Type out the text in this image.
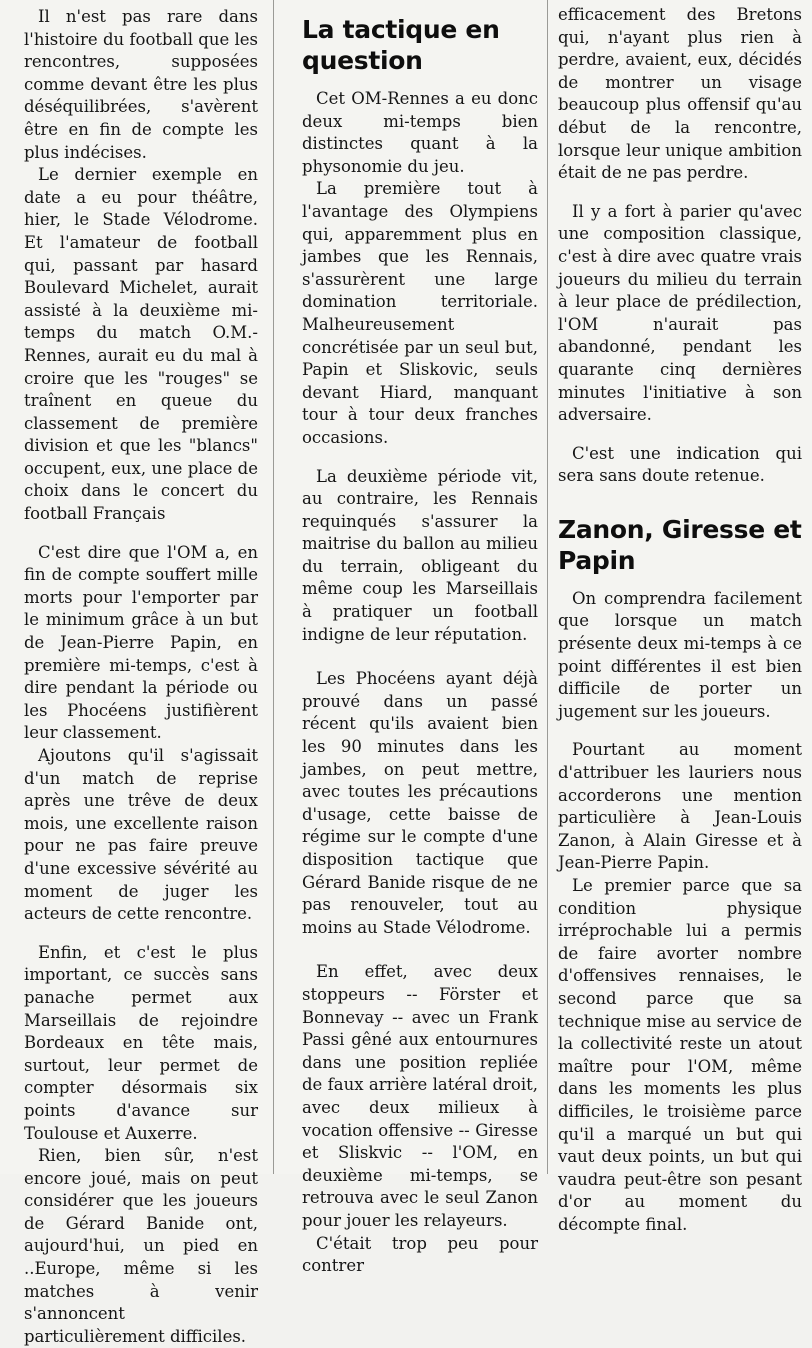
Il n'est pas rare dans l'histoire du football que les rencontres, supposées comme devant être les plus déséquilibrées, s'avèrent être en fin de compte les plus indécises.

Le dernier exemple en date a eu pour théâtre, hier, le Stade Vélodrome. Et l'amateur de football qui, passant par hasard Boulevard Michelet, aurait assisté à la deuxième mi-temps du match O.M.-Rennes, aurait eu du mal à croire que les "rouges" se traînent en queue du classement de première division et que les "blancs" occupent, eux, une place de choix dans le concert du football Français

C'est dire que l'OM a, en fin de compte souffert mille morts pour l'emporter par le minimum grâce à un but de Jean-Pierre Papin, en première mi-temps, c'est à dire pendant la période ou les Phocéens justifièrent leur classement.

Ajoutons qu'il s'agissait d'un match de reprise après une trêve de deux mois, une excellente raison pour ne pas faire preuve d'une excessive sévérité au moment de juger les acteurs de cette rencontre.

Enfin, et c'est le plus important, ce succès sans panache permet aux Marseillais de rejoindre Bordeaux en tête mais, surtout, leur permet de compter désormais six points d'avance sur Toulouse et Auxerre.

Rien, bien sûr, n'est encore joué, mais on peut considérer que les joueurs de Gérard Banide ont, aujourd'hui, un pied en ..Europe, même si les matches à venir s'annoncent particulièrement difficiles.

La tactique en question

Cet OM-Rennes a eu donc deux mi-temps bien distinctes quant à la physonomie du jeu.

La première tout à l'avantage des Olympiens qui, apparemment plus en jambes que les Rennais, s'assurèrent une large domination territoriale. Malheureusement concrétisée par un seul but, Papin et Sliskovic, seuls devant Hiard, manquant tour à tour deux franches occasions.

La deuxième période vit, au contraire, les Rennais requinqués s'assurer la maitrise du ballon au milieu du terrain, obligeant du même coup les Marseillais à pratiquer un football indigne de leur réputation.

Les Phocéens ayant déjà prouvé dans un passé récent qu'ils avaient bien les 90 minutes dans les jambes, on peut mettre, avec toutes les précautions d'usage, cette baisse de régime sur le compte d'une disposition tactique que Gérard Banide risque de ne pas renouveler, tout au moins au Stade Vélodrome.

En effet, avec deux stoppeurs -- Förster et Bonnevay -- avec un Frank Passi gêné aux entournures dans une position repliée de faux arrière latéral droit, avec deux milieux à vocation offensive -- Giresse et Sliskvic -- l'OM, en deuxième mi-temps, se retrouva avec le seul Zanon pour jouer les relayeurs.

C'était trop peu pour contrer

efficacement des Bretons qui, n'ayant plus rien à perdre, avaient, eux, décidés de montrer un visage beaucoup plus offensif qu'au début de la rencontre, lorsque leur unique ambition était de ne pas perdre.

Il y a fort à parier qu'avec une composition classique, c'est à dire avec quatre vrais joueurs du milieu du terrain à leur place de prédilection, l'OM n'aurait pas abandonné, pendant les quarante cinq dernières minutes l'initiative à son adversaire.

C'est une indication qui sera sans doute retenue.

Zanon, Giresse et Papin

On comprendra facilement que lorsque un match présente deux mi-temps à ce point différentes il est bien difficile de porter un jugement sur les joueurs.

Pourtant au moment d'attribuer les lauriers nous accorderons une mention particulière à Jean-Louis Zanon, à Alain Giresse et à Jean-Pierre Papin.

Le premier parce que sa condition physique irréprochable lui a permis de faire avorter nombre d'offensives rennaises, le second parce que sa technique mise au service de la collectivité reste un atout maître pour l'OM, même dans les moments les plus difficiles, le troisième parce qu'il a marqué un but qui vaut deux points, un but qui vaudra peut-être son pesant d'or au moment du décompte final.
